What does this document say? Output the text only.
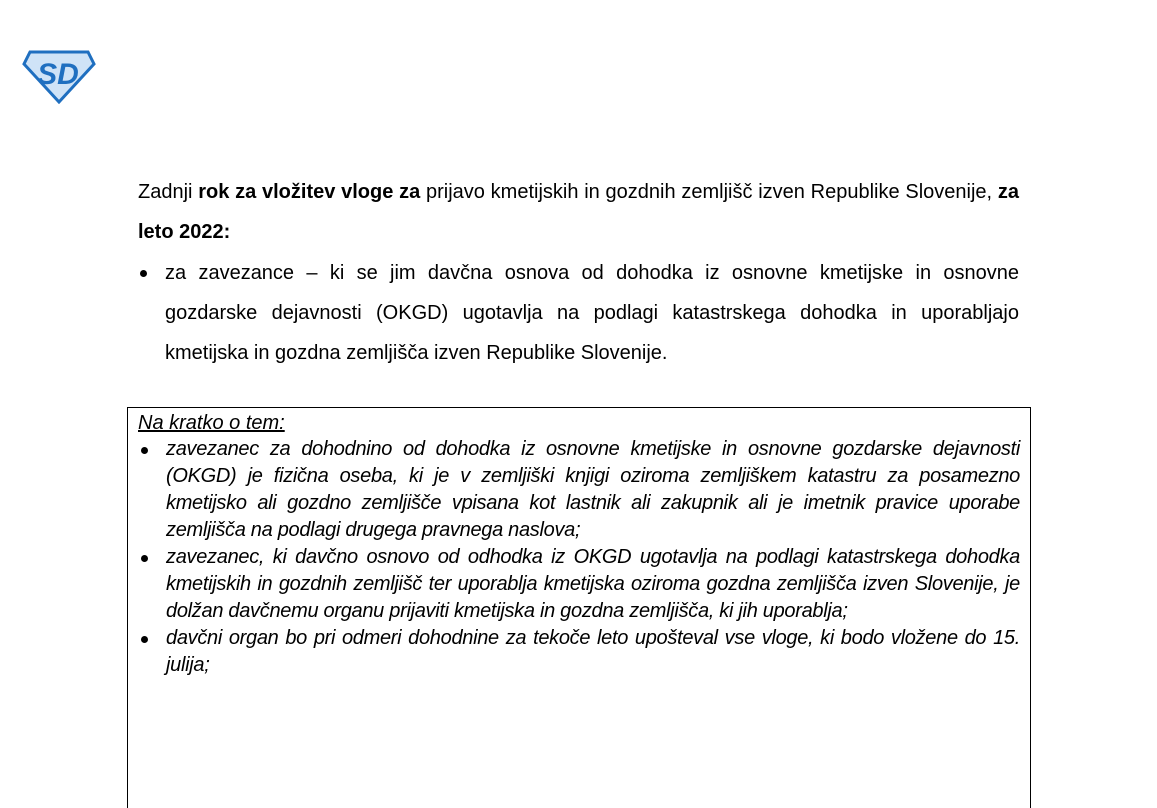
SD
Zadnji rok za vložitev vloge za prijavo kmetijskih in gozdnih zemljišč izven Republike Slovenije, za leto 2022:
za zavezance – ki se jim davčna osnova od dohodka iz osnovne kmetijske in osnovne gozdarske dejavnosti (OKGD) ugotavlja na podlagi katastrskega dohodka in uporabljajo kmetijska in gozdna zemljišča izven Republike Slovenije.
Na kratko o tem:
zavezanec za dohodnino od dohodka iz osnovne kmetijske in osnovne gozdarske dejavnosti (OKGD) je fizična oseba, ki je v zemljiški knjigi oziroma zemljiškem katastru za posamezno kmetijsko ali gozdno zemljišče vpisana kot lastnik ali zakupnik ali je imetnik pravice uporabe zemljišča na podlagi drugega pravnega naslova;
zavezanec, ki davčno osnovo od odhodka iz OKGD ugotavlja na podlagi katastrskega dohodka kmetijskih in gozdnih zemljišč ter uporablja kmetijska oziroma gozdna zemljišča izven Slovenije, je dolžan davčnemu organu prijaviti kmetijska in gozdna zemljišča, ki jih uporablja;
davčni organ bo pri odmeri dohodnine za tekoče leto upošteval vse vloge, ki bodo vložene do 15. julija;
